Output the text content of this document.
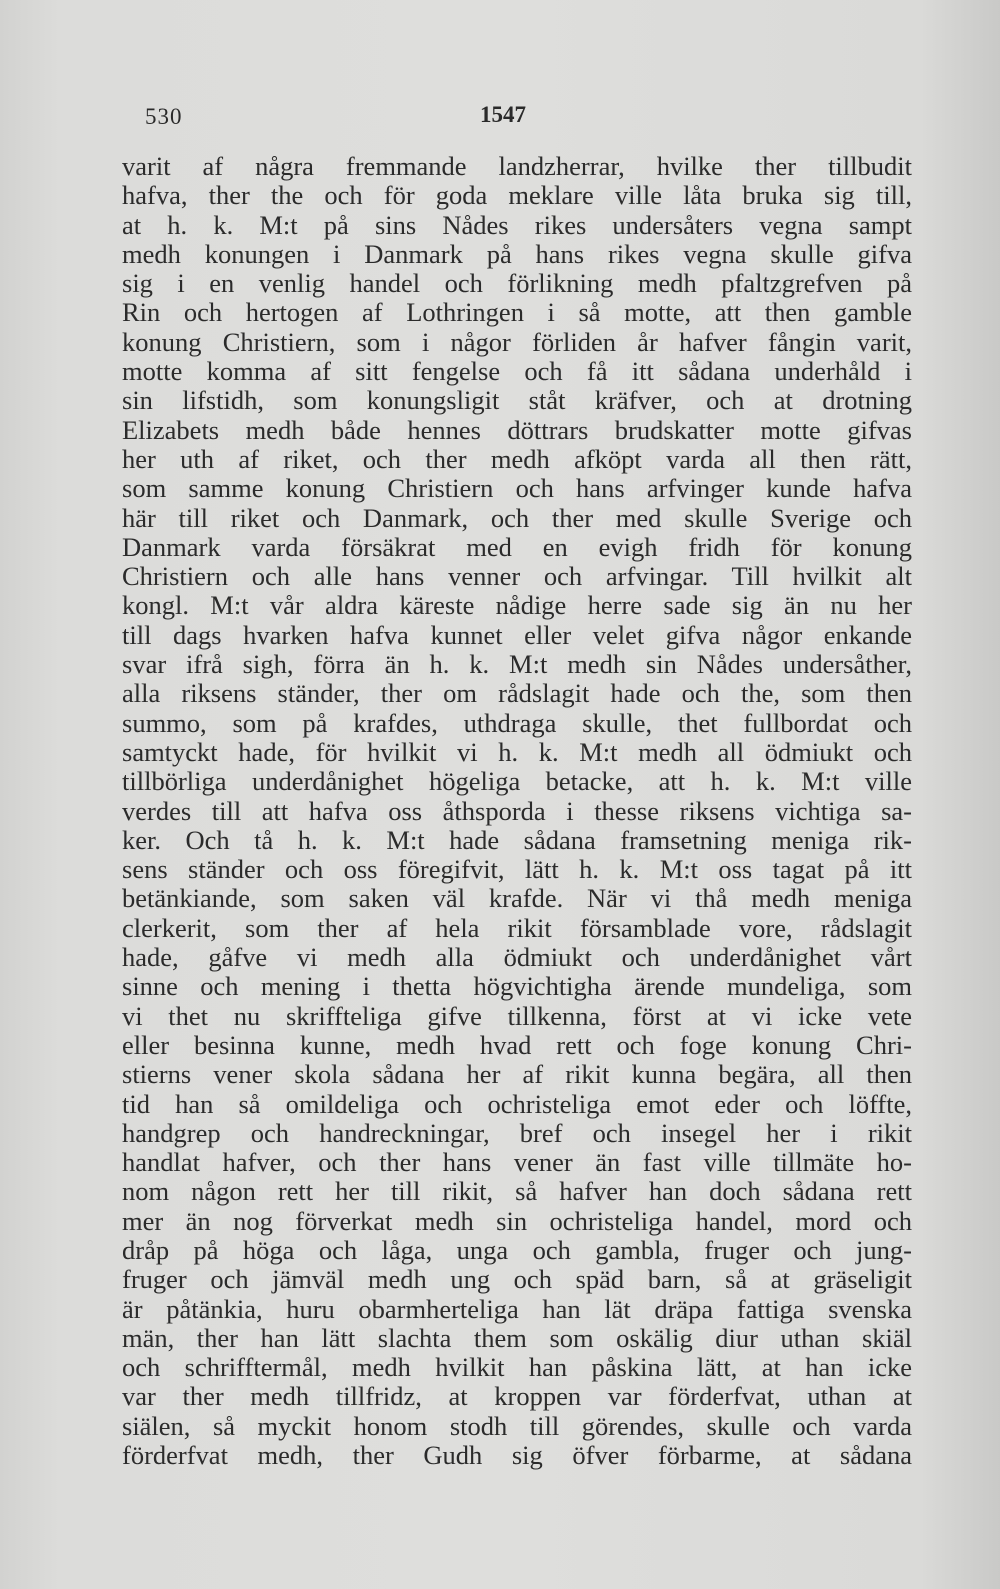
530	1547
varit af några fremmande landzherrar, hvilke ther tillbudit
hafva, ther the och för goda meklare ville låta bruka sig till,
at h. k. M:t på sins Nådes rikes undersåters vegna sampt
medh konungen i Danmark på hans rikes vegna skulle gifva
sig i en venlig handel och förlikning medh pfaltzgrefven på
Rin och hertogen af Lothringen i så motte, att then gamble
konung Christiern, som i någor förliden år hafver fångin varit,
motte komma af sitt fengelse och få itt sådana underhåld i
sin lifstidh, som konungsligit ståt kräfver, och at drotning
Elizabets medh både hennes döttrars brudskatter motte gifvas
her uth af riket, och ther medh afköpt varda all then rätt,
som samme konung Christiern och hans arfvinger kunde hafva
här till riket och Danmark, och ther med skulle Sverige och
Danmark varda försäkrat med en evigh fridh för konung
Christiern och alle hans venner och arfvingar. Till hvilkit alt
kongl. M:t vår aldra käreste nådige herre sade sig än nu her
till dags hvarken hafva kunnet eller velet gifva någor enkande
svar ifrå sigh, förra än h. k. M:t medh sin Nådes undersåther,
alla riksens ständer, ther om rådslagit hade och the, som then
summo, som på krafdes, uthdraga skulle, thet fullbordat och
samtyckt hade, för hvilkit vi h. k. M:t medh all ödmiukt och
tillbörliga underdånighet högeliga betacke, att h. k. M:t ville
verdes till att hafva oss åthsporda i thesse riksens vichtiga sa-
ker. Och tå h. k. M:t hade sådana framsetning meniga rik-
sens ständer och oss föregifvit, lätt h. k. M:t oss tagat på itt
betänkiande, som saken väl krafde. När vi thå medh meniga
clerkerit, som ther af hela rikit församblade vore, rådslagit
hade, gåfve vi medh alla ödmiukt och underdånighet vårt
sinne och mening i thetta högvichtigha ärende mundeliga, som
vi thet nu skriffteliga gifve tillkenna, först at vi icke vete
eller besinna kunne, medh hvad rett och foge konung Chri-
stierns vener skola sådana her af rikit kunna begära, all then
tid han så omildeliga och ochristeliga emot eder och löffte,
handgrep och handreckningar, bref och insegel her i rikit
handlat hafver, och ther hans vener än fast ville tillmäte ho-
nom någon rett her till rikit, så hafver han doch sådana rett
mer än nog förverkat medh sin ochristeliga handel, mord och
dråp på höga och låga, unga och gambla, fruger och jung-
fruger och jämväl medh ung och späd barn, så at gräseligit
är påtänkia, huru obarmherteliga han lät dräpa fattiga svenska
män, ther han lätt slachta them som oskälig diur uthan skiäl
och schrifftermål, medh hvilkit han påskina lätt, at han icke
var ther medh tillfridz, at kroppen var förderfvat, uthan at
siälen, så myckit honom stodh till görendes, skulle och varda
förderfvat medh, ther Gudh sig öfver förbarme, at sådana
